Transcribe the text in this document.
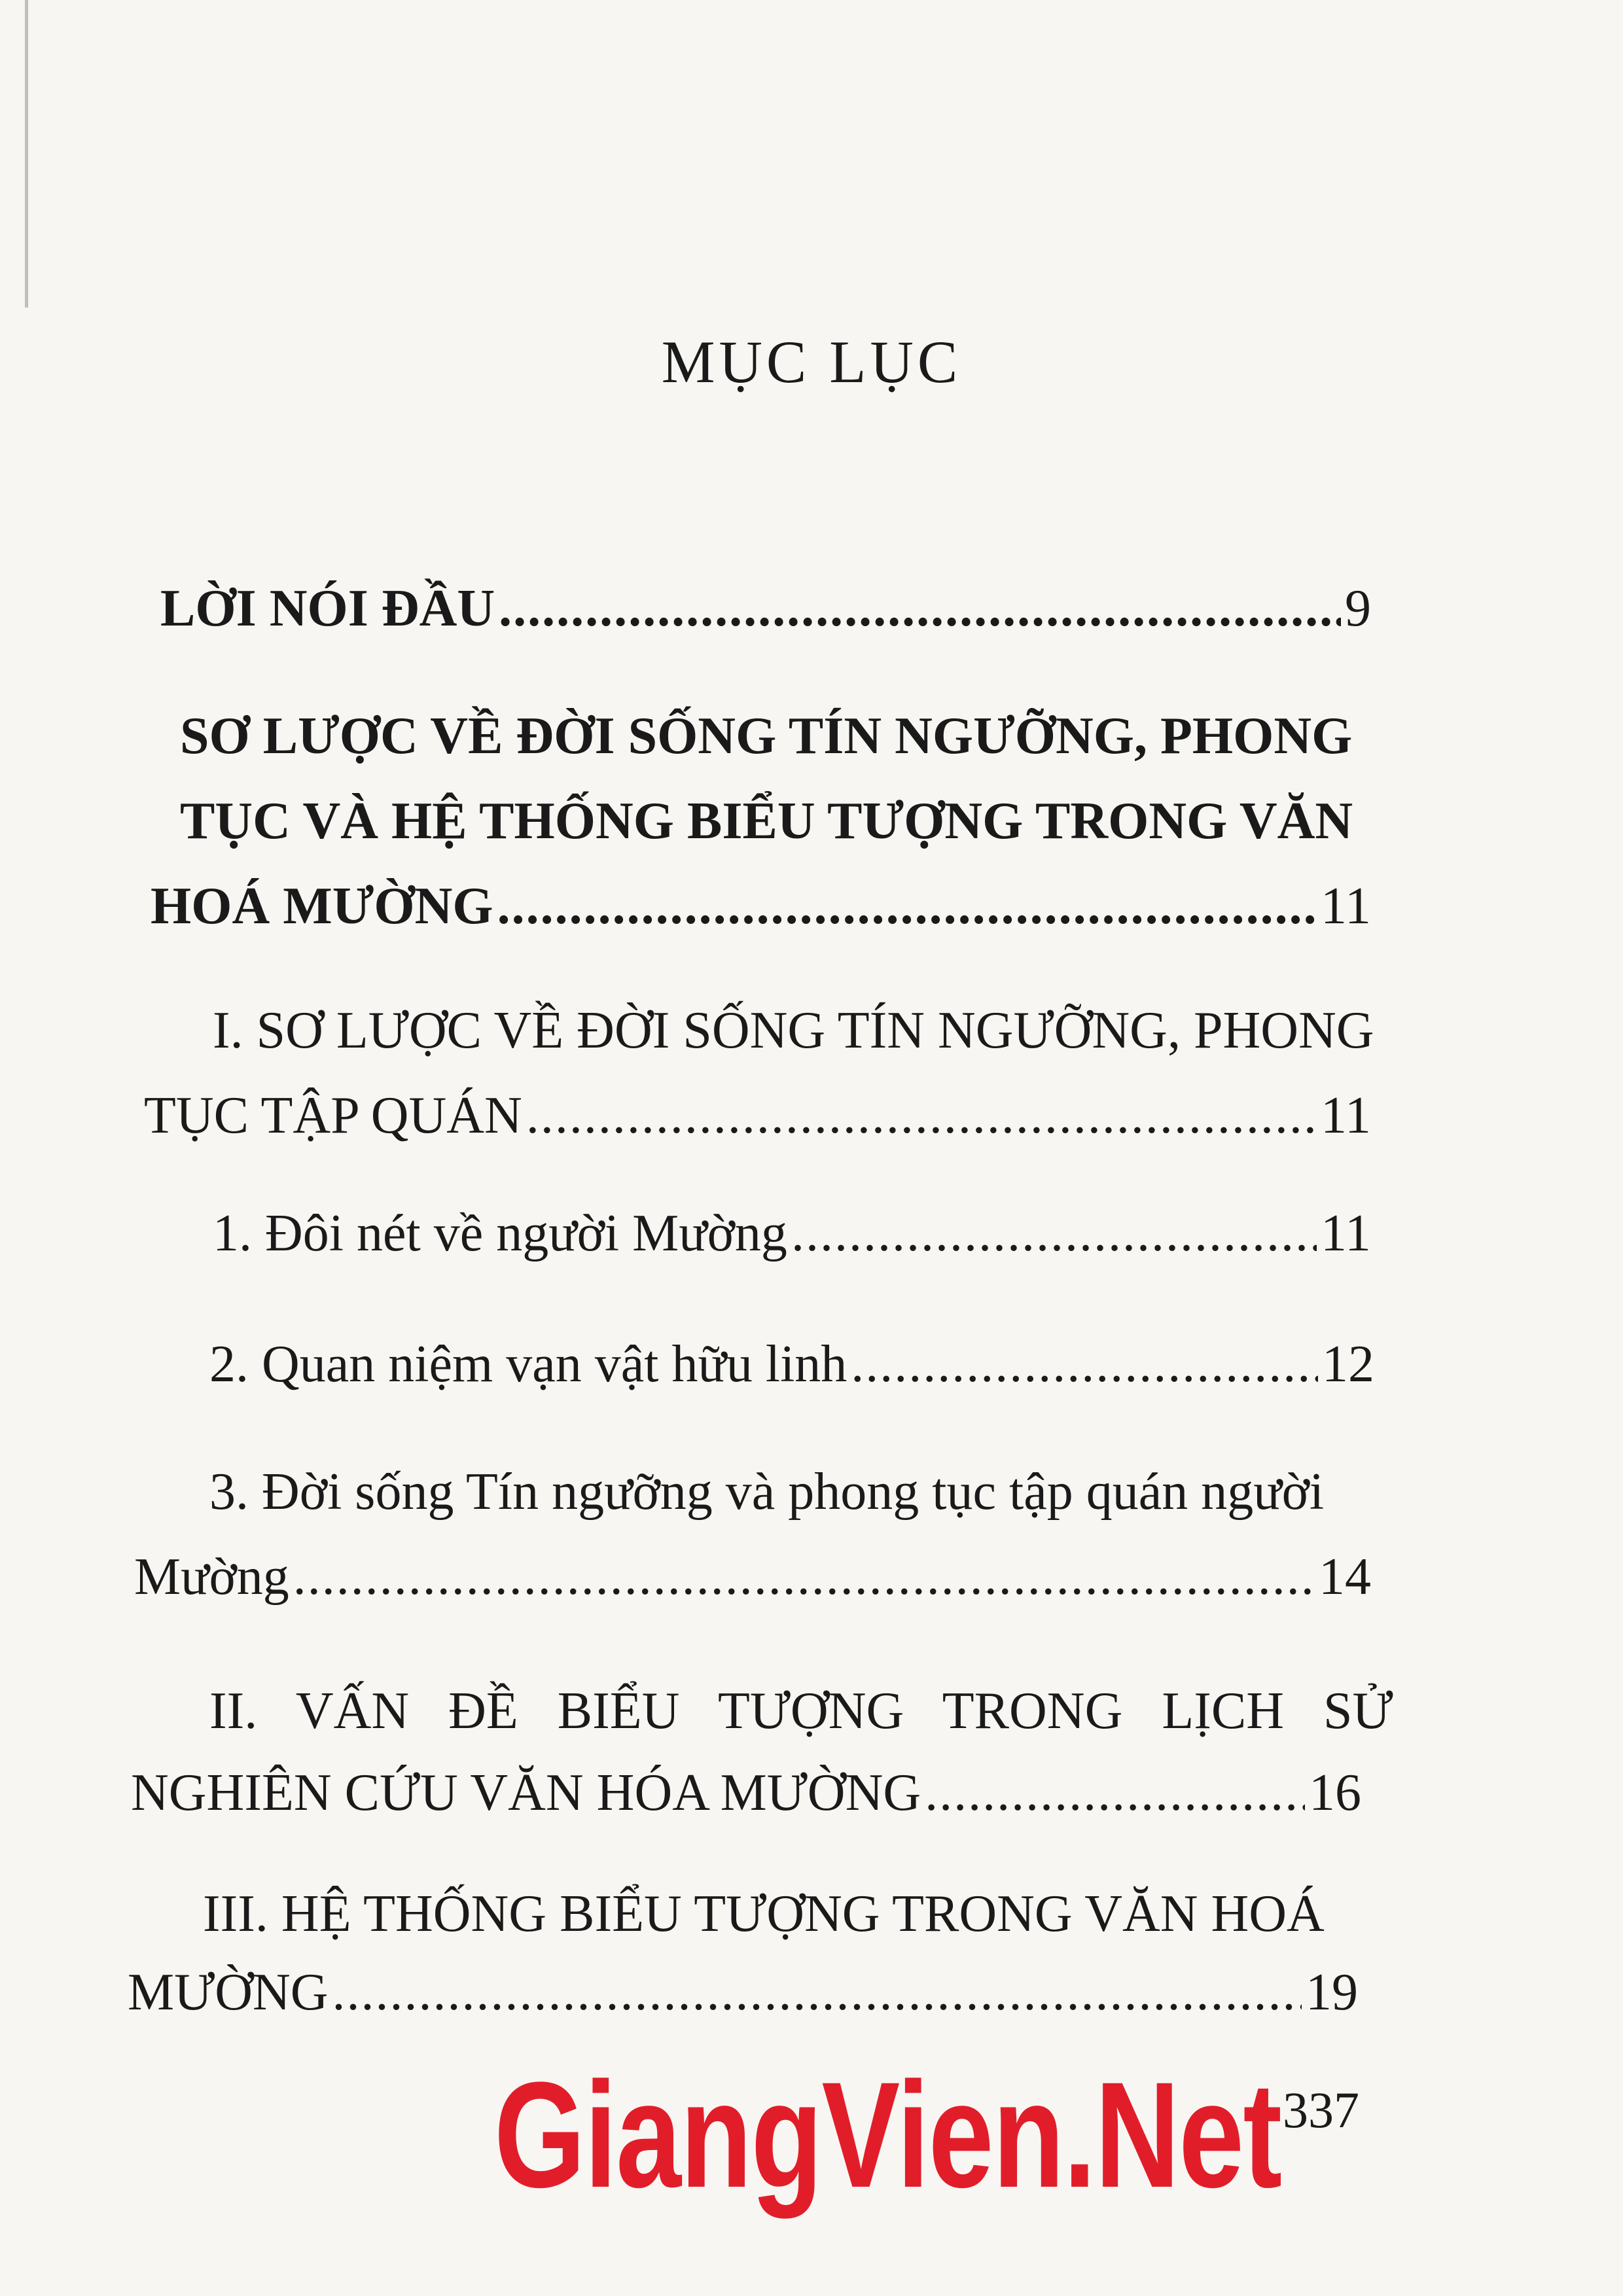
MỤC LỤC
LỜI NÓI ĐẦU .....	9
SƠ LƯỢC VỀ ĐỜI SỐNG TÍN NGƯỠNG, PHONG
TỤC VÀ HỆ THỐNG BIỂU TƯỢNG TRONG VĂN
HOÁ MƯỜNG .....	11
I. SƠ LƯỢC VỀ ĐỜI SỐNG TÍN NGƯỠNG, PHONG
TỤC TẬP QUÁN .....	11
1. Đôi nét về người Mường .....	11
2. Quan niệm vạn vật hữu linh .....	12
3. Đời sống Tín ngưỡng và phong tục tập quán người
Mường .....	14
II. VẤN ĐỀ BIỂU TƯỢNG TRONG LỊCH SỬ
NGHIÊN CỨU VĂN HÓA MƯỜNG .....	16
III. HỆ THỐNG BIỂU TƯỢNG TRONG VĂN HOÁ
MƯỜNG .....	19
337
GiangVien.Net
